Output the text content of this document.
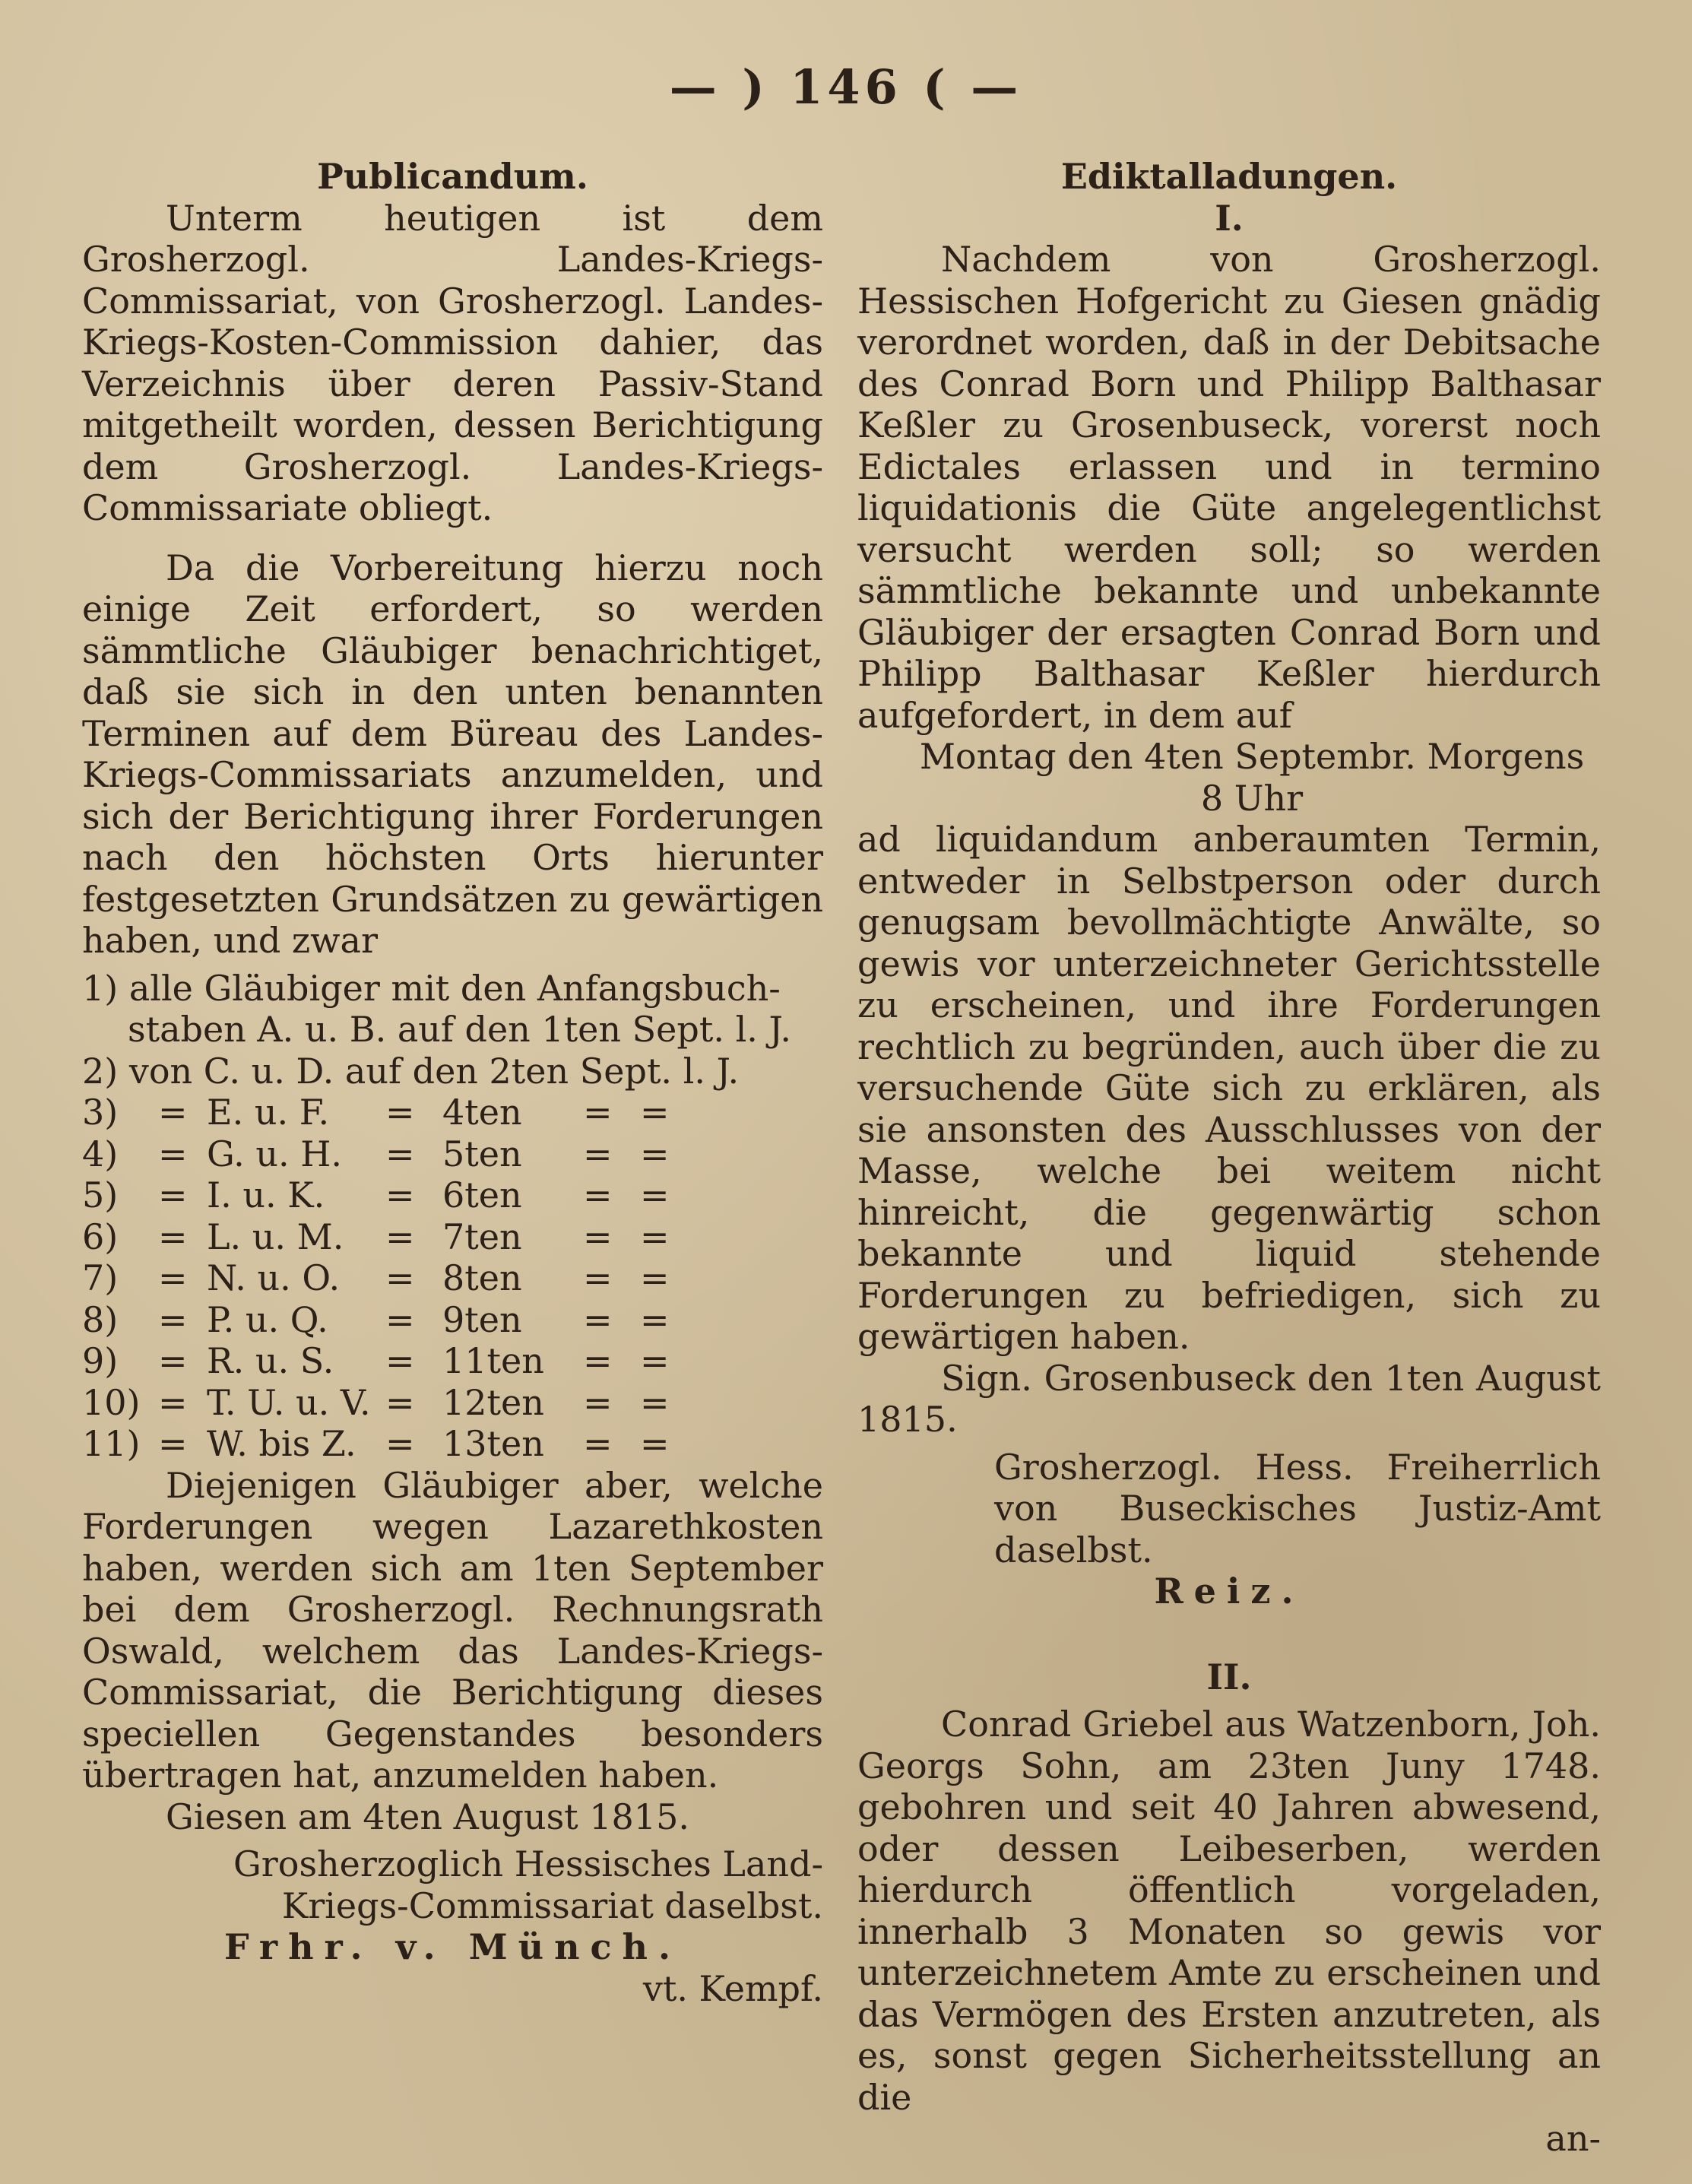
— ) 146 ( —

Publicandum.

Unterm heutigen ist dem Grosherzogl. Landes-Kriegs-Commissariat, von Grosherzogl. Landes-Kriegs-Kosten-Commission dahier, das Verzeichnis über deren Passiv-Stand mitgetheilt worden, dessen Berichtigung dem Grosherzogl. Landes-Kriegs-Commissariate obliegt.

Da die Vorbereitung hierzu noch einige Zeit erfordert, so werden sämmtliche Gläubiger benachrichtiget, daß sie sich in den unten benannten Terminen auf dem Büreau des Landes-Kriegs-Commissariats anzumelden, und sich der Berichtigung ihrer Forderungen nach den höchsten Orts hierunter festgesetzten Grundsätzen zu gewärtigen haben, und zwar

1) alle Gläubiger mit den Anfangsbuch-

staben A. u. B. auf den 1ten Sept. l. J.

2) von C. u. D. auf den 2ten Sept. l. J.

3)	= E. u. F.	= 4ten	= =
4)	= G. u. H.	= 5ten	= =
5)	= I. u. K.	= 6ten	= =
6)	= L. u. M.	= 7ten	= =
7)	= N. u. O.	= 8ten	= =
8)	= P. u. Q.	= 9ten	= =
9)	= R. u. S.	= 11ten	= =
10) = T. U. u. V. = 12ten	= =
11) = W. bis Z. = 13ten	= =

Diejenigen Gläubiger aber, welche Forderungen wegen Lazarethkosten haben, werden sich am 1ten September bei dem Grosherzogl. Rechnungsrath Oswald, welchem das Landes-Kriegs-Commissariat, die Berichtigung dieses speciellen Gegenstandes besonders übertragen hat, anzumelden haben.

Giesen am 4ten August 1815.

Grosherzoglich Hessisches Land-Kriegs-Commissariat daselbst.

Frhr. v. Münch.

vt. Kempf.

Ediktalladungen.

I.

Nachdem von Grosherzogl. Hessischen Hofgericht zu Giesen gnädig verordnet worden, daß in der Debitsache des Conrad Born und Philipp Balthasar Keßler zu Grosenbuseck, vorerst noch Edictales erlassen und in termino liquidationis die Güte angelegentlichst versucht werden soll; so werden sämmtliche bekannte und unbekannte Gläubiger der ersagten Conrad Born und Philipp Balthasar Keßler hierdurch aufgefordert, in dem auf

Montag den 4ten Septembr. Morgens 8 Uhr

ad liquidandum anberaumten Termin, entweder in Selbstperson oder durch genugsam bevollmächtigte Anwälte, so gewis vor unterzeichneter Gerichtsstelle zu erscheinen, und ihre Forderungen rechtlich zu begründen, auch über die zu versuchende Güte sich zu erklären, als sie ansonsten des Ausschlusses von der Masse, welche bei weitem nicht hinreicht, die gegenwärtig schon bekannte und liquid stehende Forderungen zu befriedigen, sich zu gewärtigen haben.

Sign. Grosenbuseck den 1ten August 1815.

Grosherzogl. Hess. Freiherrlich von Buseckisches Justiz-Amt daselbst.

Reiz.

II.

Conrad Griebel aus Watzenborn, Joh. Georgs Sohn, am 23ten Juny 1748. gebohren und seit 40 Jahren abwesend, oder dessen Leibeserben, werden hierdurch öffentlich vorgeladen, innerhalb 3 Monaten so gewis vor unterzeichnetem Amte zu erscheinen und das Vermögen des Ersten anzutreten, als es, sonst gegen Sicherheitsstellung an die

an-
